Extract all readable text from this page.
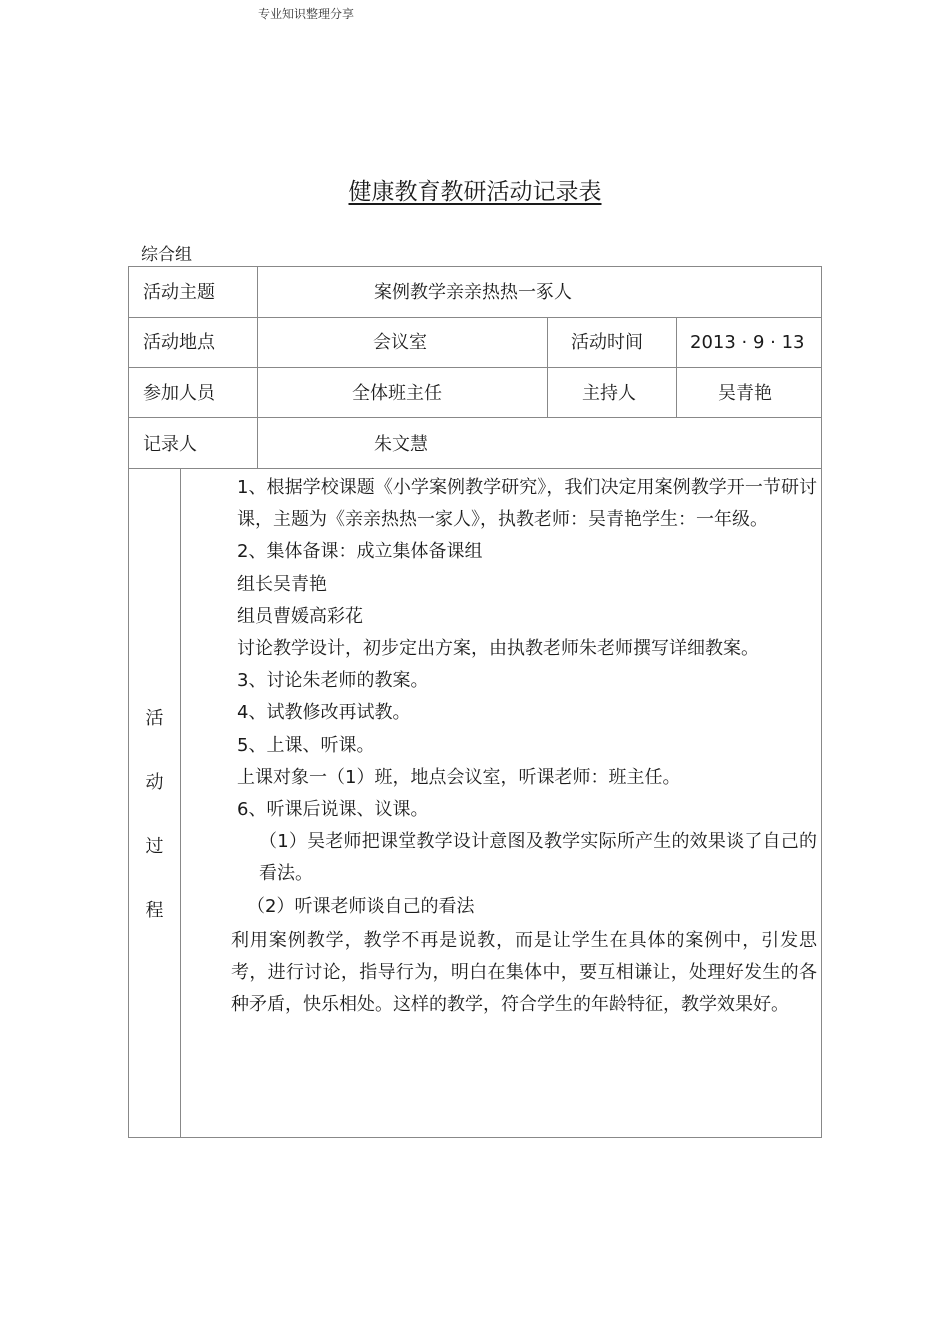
专业知识整理分享
健康教育教研活动记录表
综合组
活动主题	案例教学亲亲热热一豖人
活动地点	会议室	活动时间	2013 · 9 · 13
参加人员	全体班主任	主持人	吴青艳
记录人	朱文慧
活
动
过
程

1、根据学校课题《小学案例教学研究》，我们决定用案例教学开一节研讨课，主题为《亲亲热热一家人》，执教老师：吴青艳学生：一年级。

2、集体备课：成立集体备课组

组长吴青艳

组员曹媛高彩花

讨论教学设计，初步定出方案，由执教老师朱老师撰写详细教案。

3、讨论朱老师的教案。

4、试教修改再试教。

5、上课、听课。

上课对象一（1）班，地点会议室，听课老师：班主任。

6、听课后说课、议课。

（1）吴老师把课堂教学设计意图及教学实际所产生的效果谈了自己的看法。

（2）听课老师谈自己的看法

利用案例教学，教学不再是说教，而是让学生在具体的案例中，引发思考，进行讨论，指导行为，明白在集体中，要互相谦让，处理好发生的各种矛盾，快乐相处。这样的教学，符合学生的年龄特征，教学效果好。
